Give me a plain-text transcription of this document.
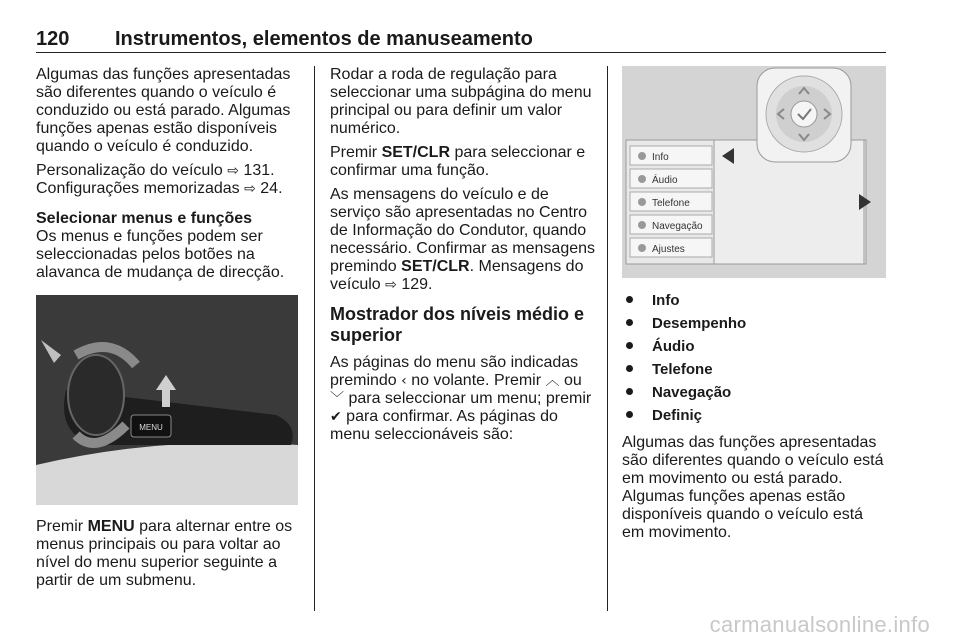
120 Instrumentos, elementos de manuseamento

Algumas das funções apresentadas são diferentes quando o veículo é conduzido ou está parado. Algumas funções apenas estão disponíveis quando o veículo é conduzido.

Personalização do veículo ⇨ 131.
Configurações memorizadas ⇨ 24.

Selecionar menus e funções

Os menus e funções podem ser seleccionadas pelos botões na alavanca de mudança de direcção.

MENU

Premir MENU para alternar entre os menus principais ou para voltar ao nível do menu superior seguinte a partir de um submenu.

Rodar a roda de regulação para seleccionar uma subpágina do menu principal ou para definir um valor numérico.

Premir SET/CLR para seleccionar e confirmar uma função.

As mensagens do veículo e de serviço são apresentadas no Centro de Informação do Condutor, quando necessário. Confirmar as mensagens premindo SET/CLR. Mensagens do veículo ⇨ 129.

Mostrador dos níveis médio e superior

As páginas do menu são indicadas premindo ‹ no volante. Premir ︿ ou ﹀ para seleccionar um menu; premir ✔ para confirmar. As páginas do menu seleccionáveis são:

Info
Áudio
Telefone
Navegação
Ajustes
Info
Desempenho
Áudio
Telefone
Navegação
Definiç

Algumas das funções apresentadas são diferentes quando o veículo está em movimento ou está parado. Algumas funções apenas estão disponíveis quando o veículo está em movimento.

carmanualsonline.info
